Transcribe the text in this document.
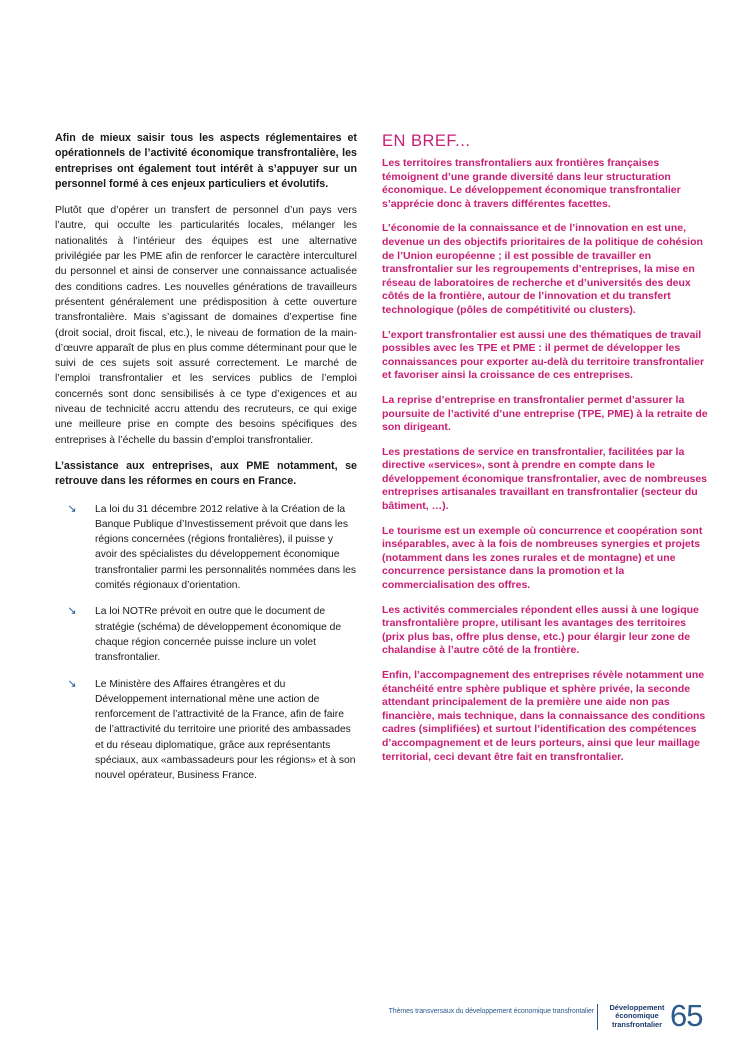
Afin de mieux saisir tous les aspects réglementaires et opérationnels de l’activité économique transfrontalière, les entreprises ont également tout intérêt à s’appuyer sur un personnel formé à ces enjeux particuliers et évolutifs.

Plutôt que d’opérer un transfert de personnel d’un pays vers l’autre, qui occulte les particularités locales, mélanger les nationalités à l’intérieur des équipes est une alternative privilégiée par les PME afin de renforcer le caractère interculturel du personnel et ainsi de conserver une connaissance actualisée des conditions cadres. Les nouvelles générations de travailleurs présentent généralement une prédisposition à cette ouverture transfrontalière. Mais s’agissant de domaines d’expertise fine (droit social, droit fiscal, etc.), le niveau de formation de la main-d’œuvre apparaît de plus en plus comme déterminant pour que le suivi de ces sujets soit assuré correctement. Le marché de l’emploi transfrontalier et les services publics de l’emploi concernés sont donc sensibilisés à ce type d’exigences et au niveau de technicité accru attendu des recruteurs, ce qui exige une meilleure prise en compte des besoins spécifiques des entreprises à l’échelle du bassin d’emploi transfrontalier.

L’assistance aux entreprises, aux PME notamment, se retrouve dans les réformes en cours en France.

↘	La loi du 31 décembre 2012 relative à la Création de la Banque Publique d’Investissement prévoit que dans les régions concernées (régions frontalières), il puisse y avoir des spécialistes du développement économique transfrontalier parmi les personnalités nommées dans les comités régionaux d’orientation.
↘	La loi NOTRe prévoit en outre que le document de stratégie (schéma) de développement économique de chaque région concernée puisse inclure un volet transfrontalier.
↘	Le Ministère des Affaires étrangères et du Développement international mène une action de renforcement de l’attractivité de la France, afin de faire de l’attractivité du territoire une priorité des ambassades et du réseau diplomatique, grâce aux représentants spéciaux, aux «ambassadeurs pour les régions» et à son nouvel opérateur, Business France.
EN BREF...

Les territoires transfrontaliers aux frontières françaises témoignent d’une grande diversité dans leur structuration économique. Le développement économique transfrontalier s’apprécie donc à travers différentes facettes.

L’économie de la connaissance et de l’innovation en est une, devenue un des objectifs prioritaires de la politique de cohésion de l’Union européenne ; il est possible de travailler en transfrontalier sur les regroupements d’entreprises, la mise en réseau de laboratoires de recherche et d’universités des deux côtés de la frontière, autour de l’innovation et du transfert technologique (pôles de compétitivité ou clusters).

L’export transfrontalier est aussi une des thématiques de travail possibles avec les TPE et PME : il permet de développer les connaissances pour exporter au-delà du territoire transfrontalier et favoriser ainsi la croissance de ces entreprises.

La reprise d’entreprise en transfrontalier permet d’assurer la poursuite de l’activité d’une entreprise (TPE, PME) à la retraite de son dirigeant.

Les prestations de service en transfrontalier, facilitées par la directive «services», sont à prendre en compte dans le développement économique transfrontalier, avec de nombreuses entreprises artisanales travaillant en transfrontalier (secteur du bâtiment, …).

Le tourisme est un exemple où concurrence et coopération sont inséparables, avec à la fois de nombreuses synergies et projets (notamment dans les zones rurales et de montagne) et une concurrence persistance dans la promotion et la commercialisation des offres.

Les activités commerciales répondent elles aussi à une logique transfrontalière propre, utilisant les avantages des territoires (prix plus bas, offre plus dense, etc.) pour élargir leur zone de chalandise à l’autre côté de la frontière.

Enfin, l’accompagnement des entreprises révèle notamment une étanchéité entre sphère publique et sphère privée, la seconde attendant principalement de la première une aide non pas financière, mais technique, dans la connaissance des conditions cadres (simplifiées) et surtout l’identification des compétences d’accompagnement et de leurs porteurs, ainsi que leur maillage territorial, ceci devant être fait en transfrontalier.

Thèmes transversaux du développement économique transfrontalier	Développement
économique
transfrontalier 65
